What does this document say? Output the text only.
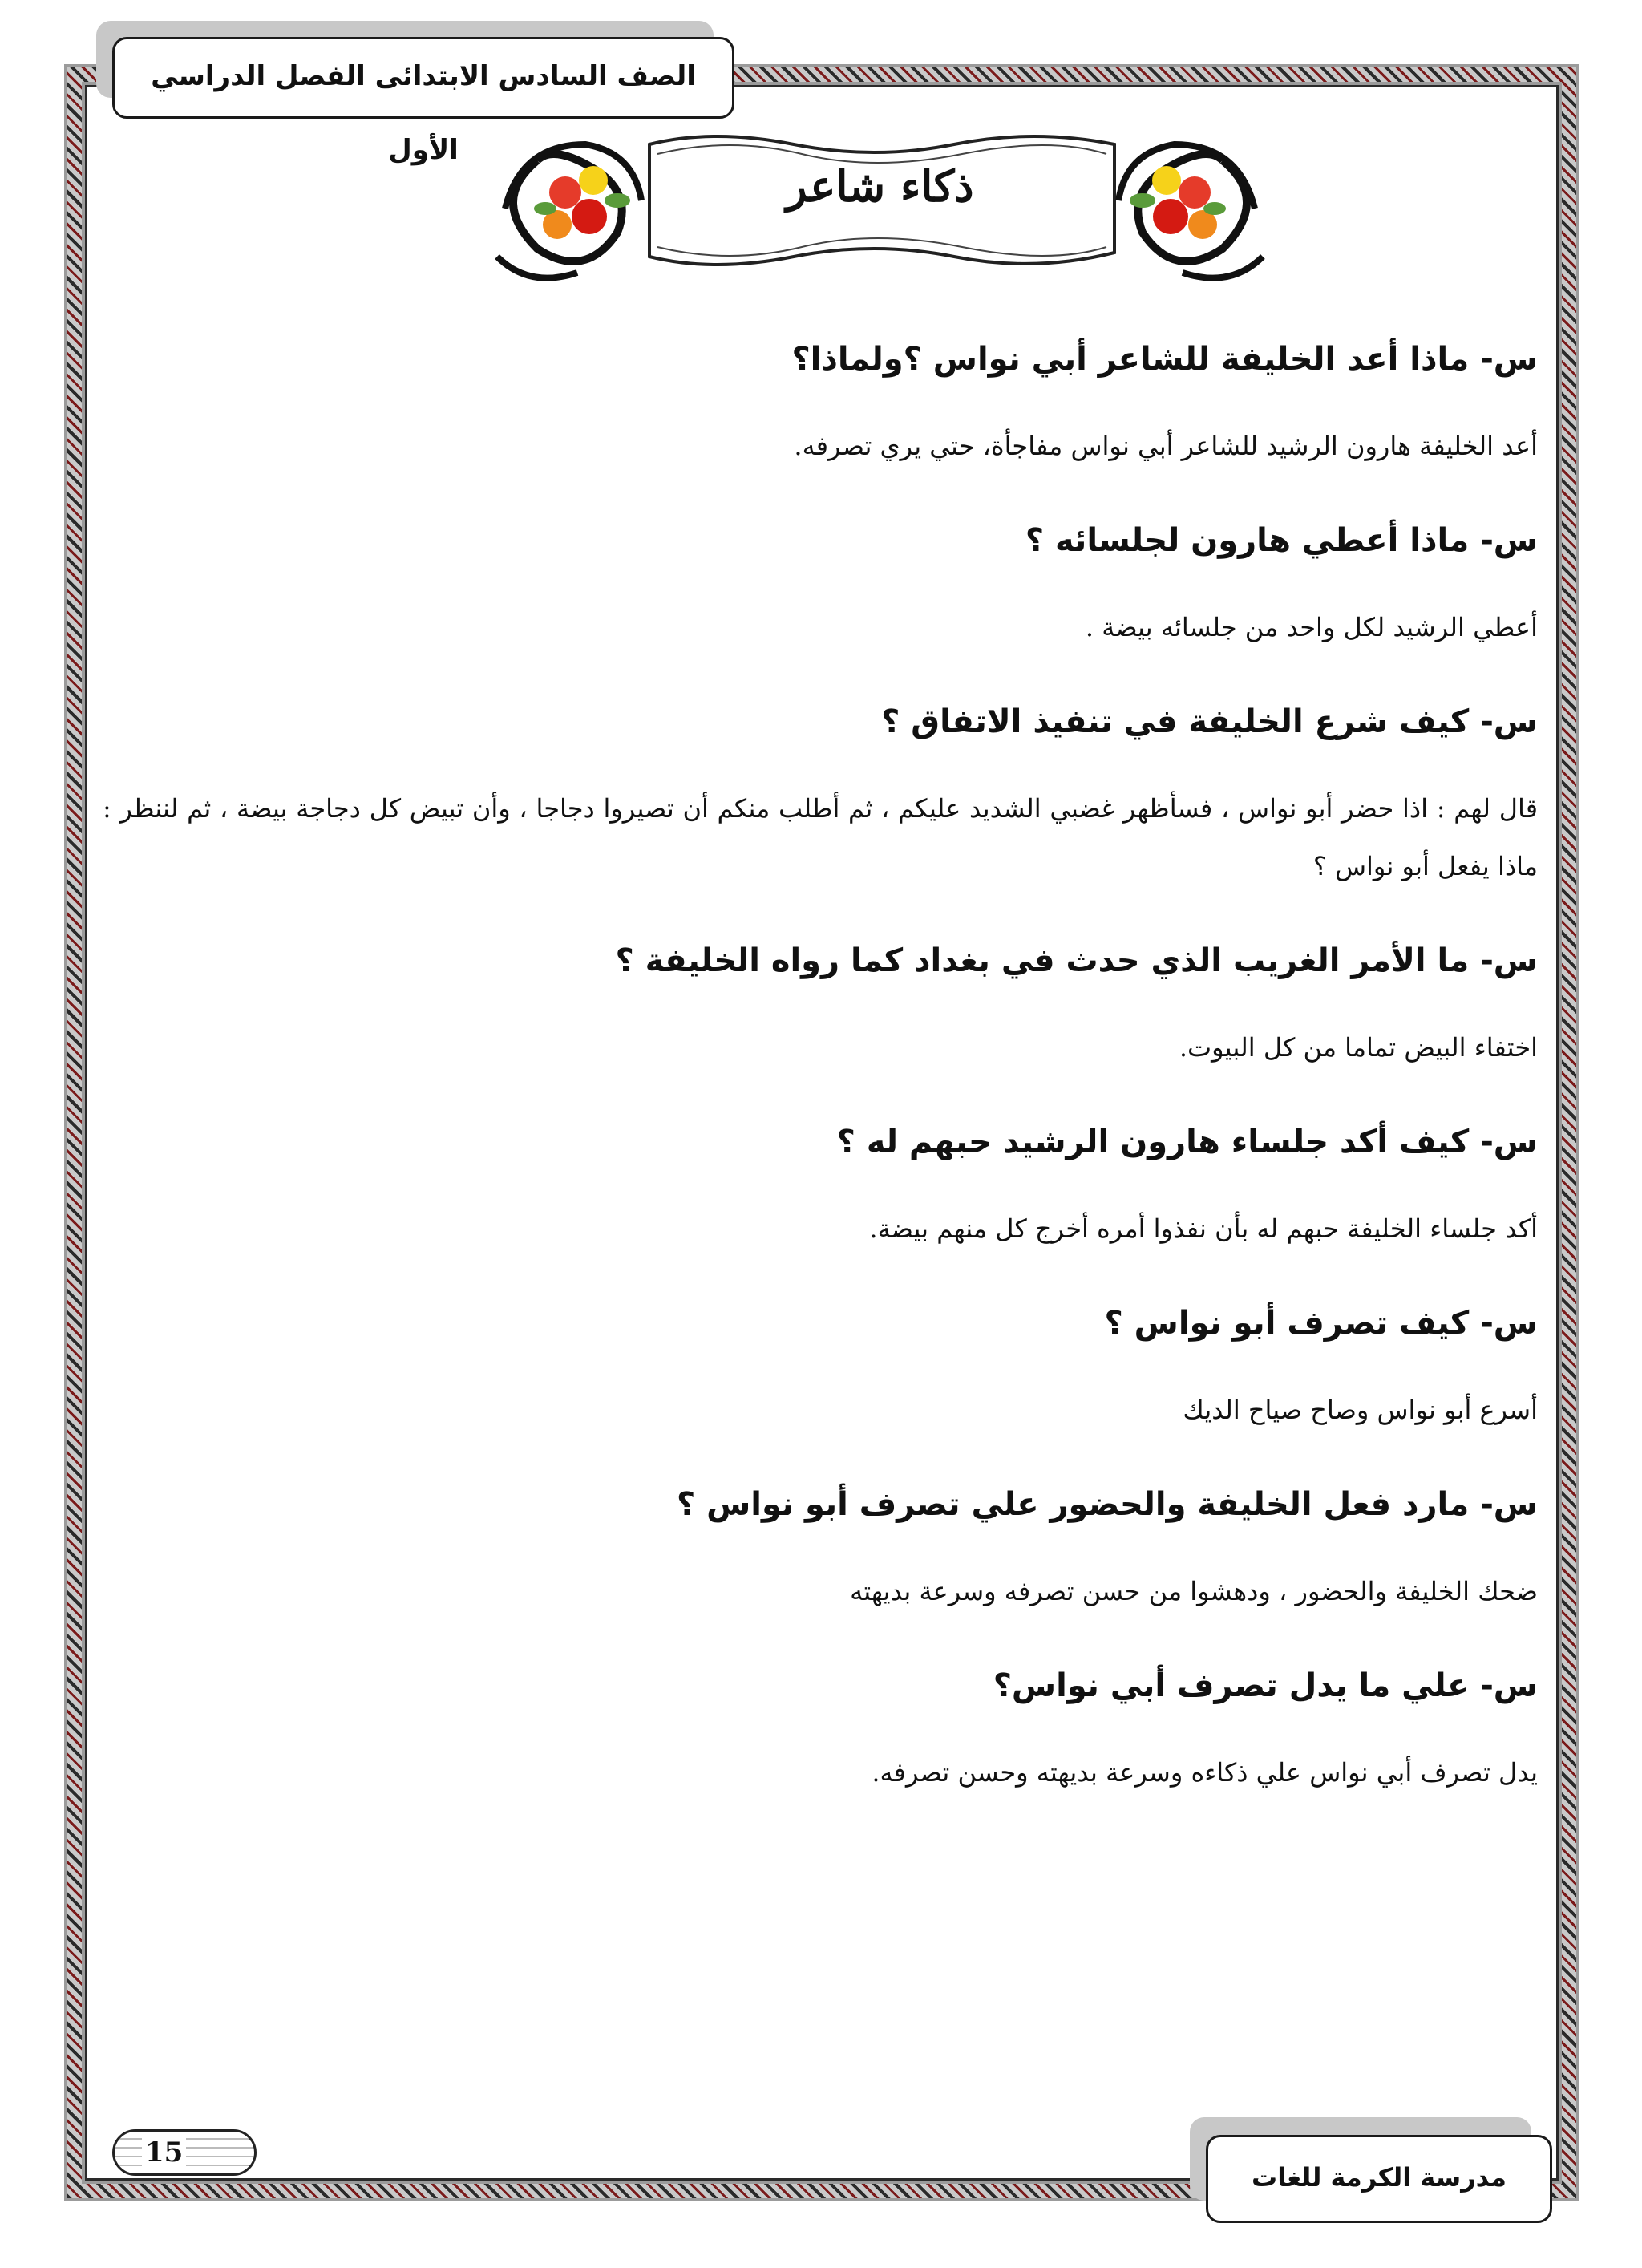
الصف السادس الابتدائى الفصل الدراسي الأول
ذكاء شاعر
س- ماذا أعد الخليفة للشاعر أبي نواس ؟ولماذا؟
أعد الخليفة هارون الرشيد للشاعر أبي نواس مفاجأة، حتي يري تصرفه.
س- ماذا أعطي هارون لجلسائه ؟
أعطي الرشيد لكل واحد من جلسائه بيضة .
س- كيف شرع الخليفة في تنفيذ الاتفاق ؟
قال لهم : اذا حضر أبو نواس ، فسأظهر غضبي الشديد عليكم ، ثم أطلب منكم أن تصيروا دجاجا ، وأن تبيض كل دجاجة بيضة ، ثم لننظر : ماذا يفعل أبو نواس ؟
س- ما الأمر الغريب الذي حدث في بغداد كما رواه الخليفة ؟
اختفاء البيض تماما من كل البيوت.
س- كيف أكد جلساء هارون الرشيد حبهم له ؟
أكد جلساء الخليفة حبهم له بأن نفذوا أمره أخرج كل منهم بيضة.
س- كيف تصرف أبو نواس ؟
أسرع أبو نواس وصاح صياح الديك
س- مارد فعل الخليفة والحضور علي تصرف أبو نواس ؟
ضحك الخليفة والحضور ، ودهشوا من حسن تصرفه وسرعة بديهته
س- علي ما يدل تصرف أبي نواس؟
يدل تصرف أبي نواس علي ذكاءه وسرعة بديهته وحسن تصرفه.
15
مدرسة الكرمة للغات
